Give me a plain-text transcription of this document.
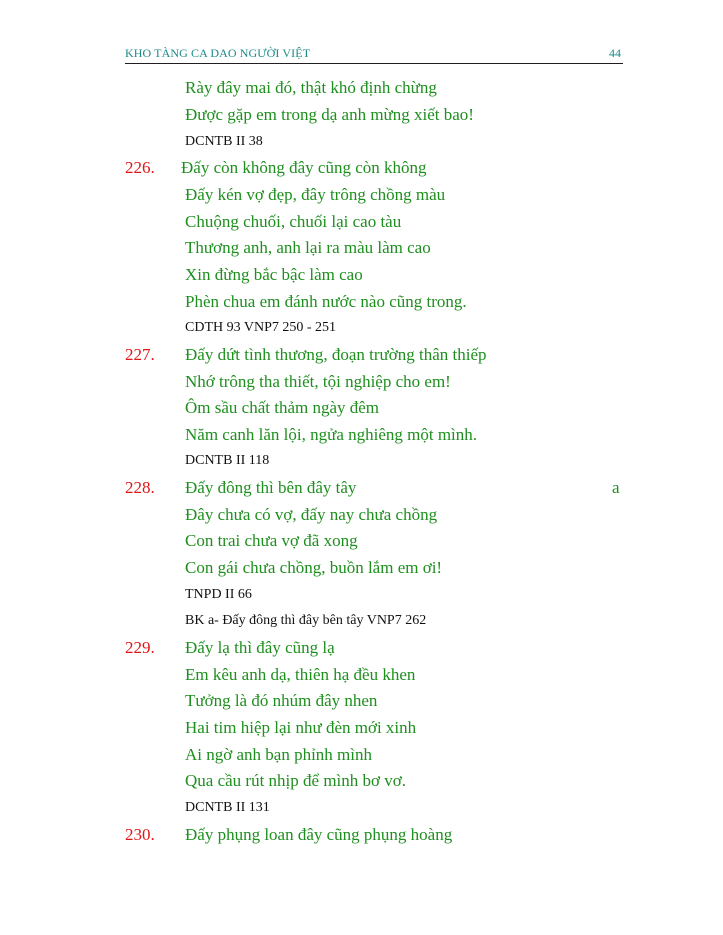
KHO TÀNG CA DAO NGƯỜI VIỆT	44
Rày đây mai đó, thật khó định chừng
Được gặp em trong dạ anh mừng xiết bao!
DCNTB II 38
226. Đấy còn không đây cũng còn không
Đấy kén vợ đẹp, đây trông chồng màu
Chuộng chuối, chuối lại cao tàu
Thương anh, anh lại ra màu làm cao
Xin đừng bắc bậc làm cao
Phèn chua em đánh nước nào cũng trong.
CDTH 93 VNP7 250 - 251
227. Đấy dứt tình thương, đoạn trường thân thiếp
Nhớ trông tha thiết, tội nghiệp cho em!
Ôm sầu chất thảm ngày đêm
Năm canh lăn lội, ngửa nghiêng một mình.
DCNTB II 118
228. Đấy đông thì bên đây tây	a
Đây chưa có vợ, đấy nay chưa chồng
Con trai chưa vợ đã xong
Con gái chưa chồng, buồn lắm em ơi!
TNPD II 66
BK a- Đấy đông thì đây bên tây VNP7 262
229. Đấy lạ thì đây cũng lạ
Em kêu anh dạ, thiên hạ đều khen
Tưởng là đó nhúm đây nhen
Hai tim hiệp lại như đèn mới xinh
Ai ngờ anh bạn phỉnh mình
Qua cầu rút nhịp để mình bơ vơ.
DCNTB II 131
230. Đấy phụng loan đây cũng phụng hoàng
